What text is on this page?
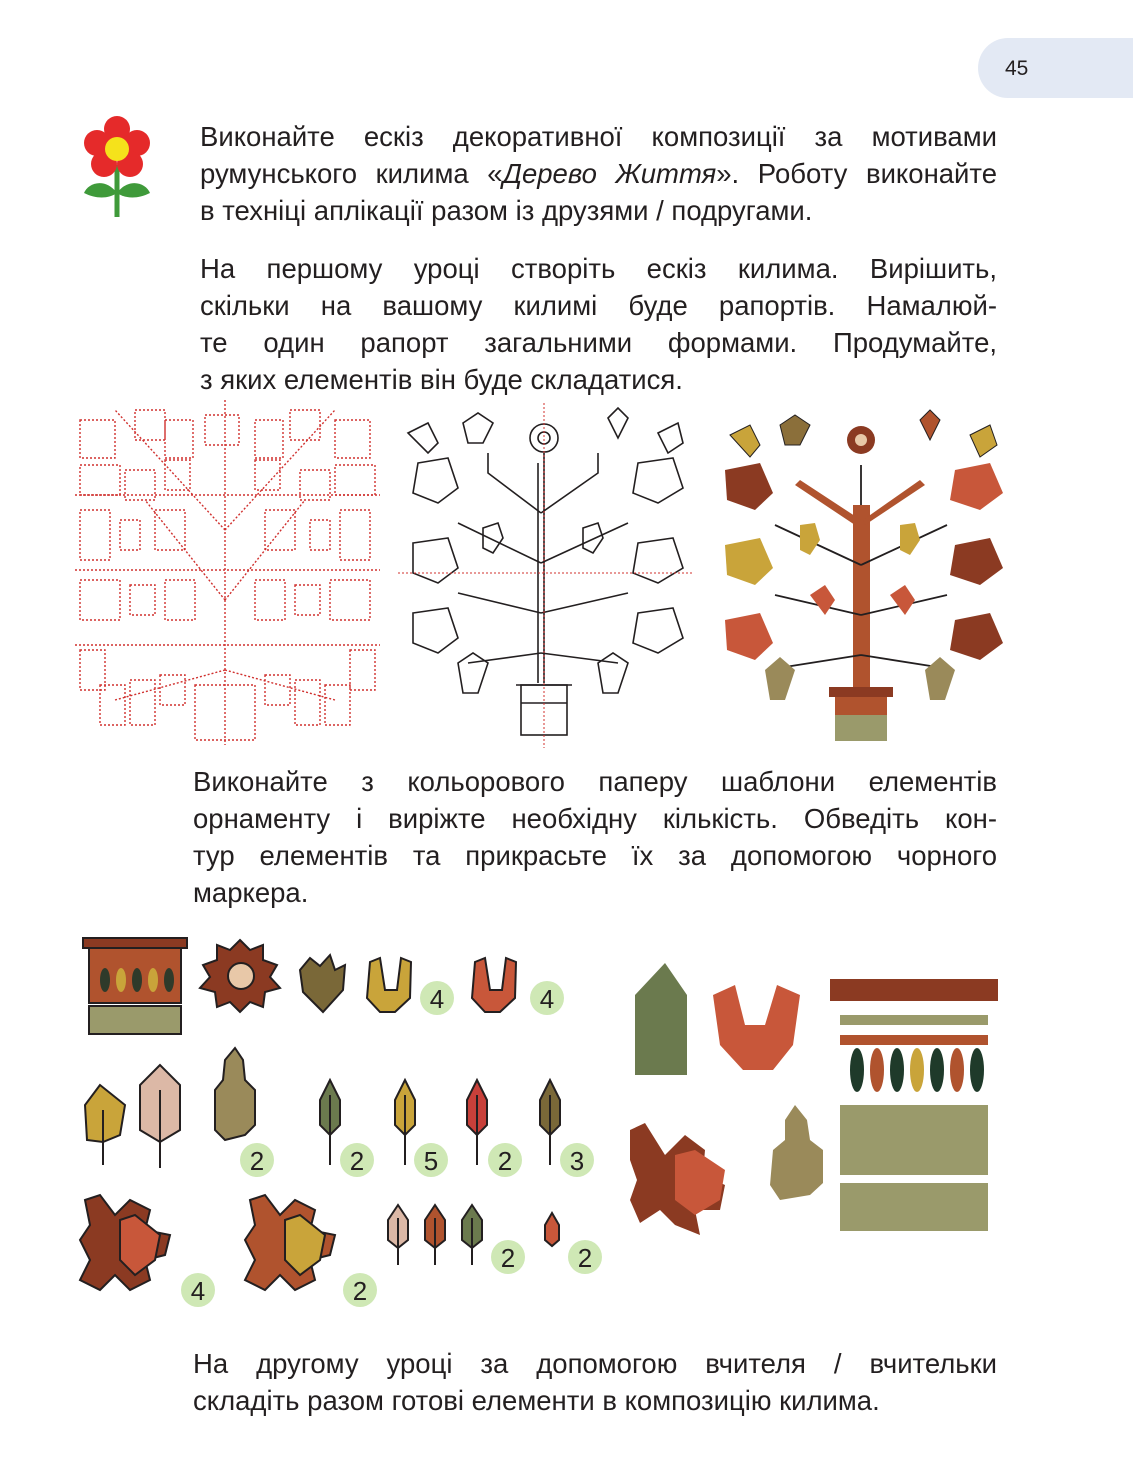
45
Виконайте ескіз декоративної композиції за мотивами
румунського килима «Дерево Життя». Роботу виконайте
в техніці аплікації разом із друзями / подругами.
На першому уроці створіть ескіз килима. Вирішить,
скільки на вашому килимі буде рапортів. Намалюй-
те один рапорт загальними формами. Продумайте,
з яких елементів він буде складатися.
Виконайте з кольорового паперу шаблони елементів
орнаменту і виріжте необхідну кількість. Обведіть кон-
тур елементів та прикрасьте їх за допомогою чорного
маркера.
4	4
2	2 5 2 3
4	2
2 2
На другому уроці за допомогою вчителя / вчительки
складіть разом готові елементи в композицію килима.
